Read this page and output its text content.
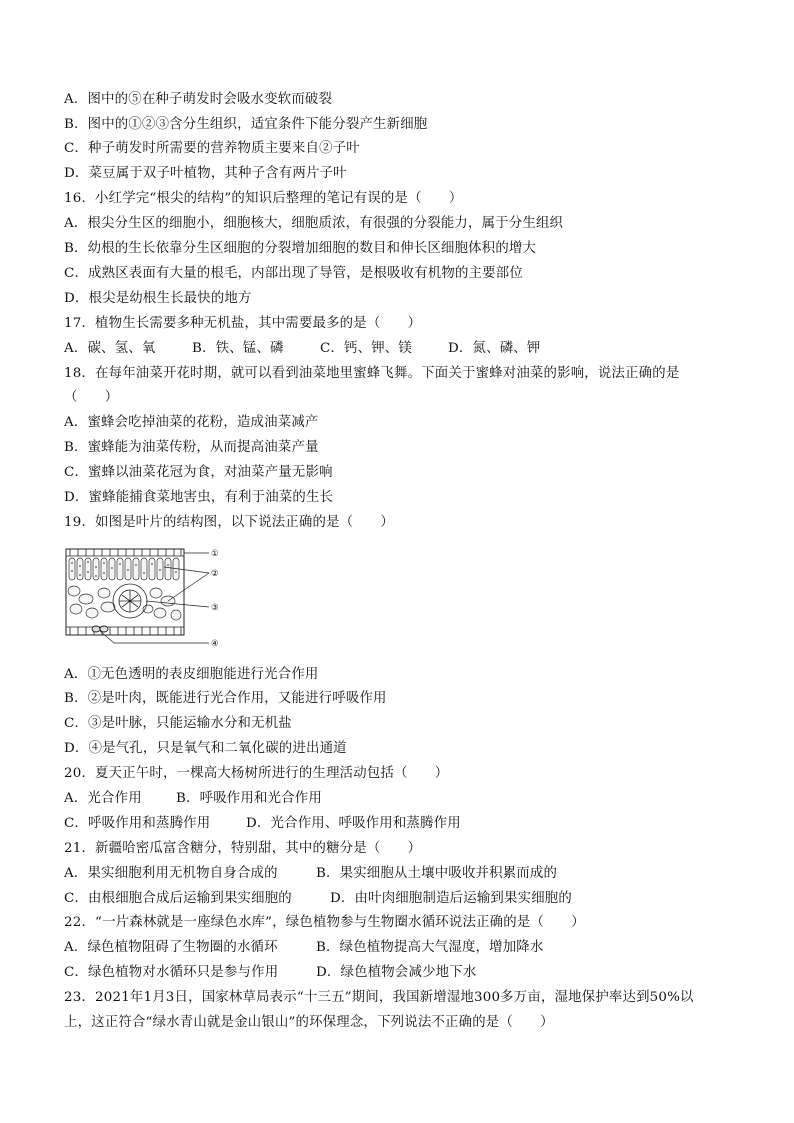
A．图中的⑤在种子萌发时会吸水变软而破裂
B．图中的①②③含分生组织，适宜条件下能分裂产生新细胞
C．种子萌发时所需要的营养物质主要来自②子叶
D．菜豆属于双子叶植物，其种子含有两片子叶
16．小红学完“根尖的结构”的知识后整理的笔记有误的是（　　）
A．根尖分生区的细胞小，细胞核大，细胞质浓，有很强的分裂能力，属于分生组织
B．幼根的生长依靠分生区细胞的分裂增加细胞的数目和伸长区细胞体积的增大
C．成熟区表面有大量的根毛，内部出现了导管，是根吸收有机物的主要部位
D．根尖是幼根生长最快的地方
17．植物生长需要多种无机盐，其中需要最多的是（　　）
A．碳、氢、氧	B．铁、锰、磷	C．钙、钾、镁	D．氮、磷、钾
18．在每年油菜开花时期，就可以看到油菜地里蜜蜂飞舞。下面关于蜜蜂对油菜的影响，说法正确的是
（　　）
A．蜜蜂会吃掉油菜的花粉，造成油菜减产
B．蜜蜂能为油菜传粉，从而提高油菜产量
C．蜜蜂以油菜花冠为食，对油菜产量无影响
D．蜜蜂能捕食菜地害虫，有利于油菜的生长
19．如图是叶片的结构图，以下说法正确的是（　　）
①
②
③
④
A．①无色透明的表皮细胞能进行光合作用
B．②是叶肉，既能进行光合作用，又能进行呼吸作用
C．③是叶脉，只能运输水分和无机盐
D．④是气孔，只是氧气和二氧化碳的进出通道
20．夏天正午时，一棵高大杨树所进行的生理活动包括（　　）
A．光合作用	B．呼吸作用和光合作用
C．呼吸作用和蒸腾作用	D．光合作用、呼吸作用和蒸腾作用
21．新疆哈密瓜富含糖分，特别甜，其中的糖分是（　　）
A．果实细胞利用无机物自身合成的	B．果实细胞从土壤中吸收并积累而成的
C．由根细胞合成后运输到果实细胞的	D．由叶肉细胞制造后运输到果实细胞的
22．“一片森林就是一座绿色水库”，绿色植物参与生物圈水循环说法正确的是（　　）
A．绿色植物阻碍了生物圈的水循环	B．绿色植物提高大气湿度，增加降水
C．绿色植物对水循环只是参与作用	D．绿色植物会减少地下水
23．2021年1月3日，国家林草局表示“十三五”期间，我国新增湿地300多万亩，湿地保护率达到50%以
上，这正符合“绿水青山就是金山银山”的环保理念，下列说法不正确的是（　　）
